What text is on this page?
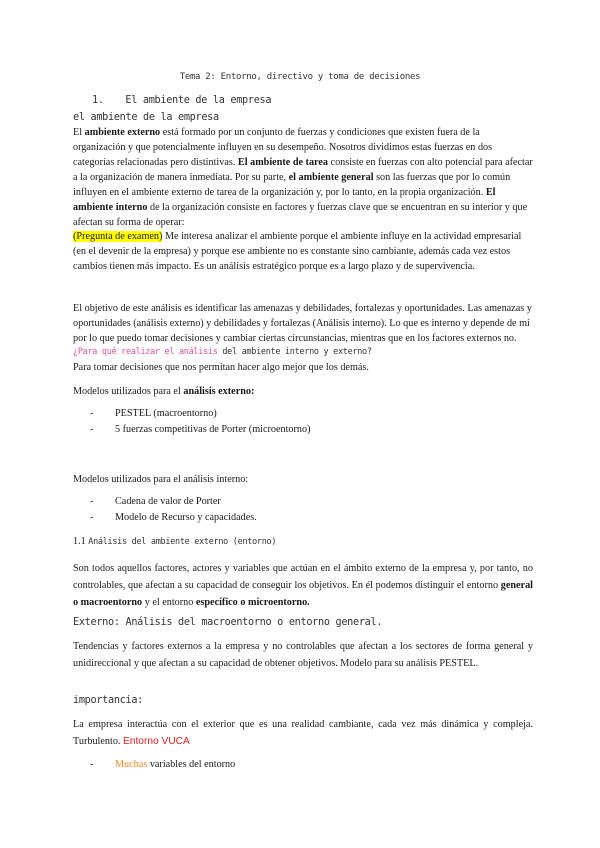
Tema 2: Entorno, directivo y toma de decisiones
1. El ambiente de la empresa
el ambiente de la empresa
El ambiente externo está formado por un conjunto de fuerzas y condiciones que existen fuera de la organización y que potencialmente influyen en su desempeño. Nosotros dividimos estas fuerzas en dos categorías relacionadas pero distintivas. El ambiente de tarea consiste en fuerzas con alto potencial para afectar a la organización de manera inmediata. Por su parte, el ambiente general son las fuerzas que por lo común influyen en el ambiente externo de tarea de la organización y, por lo tanto, en la propia organización. El ambiente interno de la organización consiste en factores y fuerzas clave que se encuentran en su interior y que afectan su forma de operar:
(Pregunta de examen) Me interesa analizar el ambiente porque el ambiente influye en la actividad empresarial (en el devenir de la empresa) y porque ese ambiente no es constante sino cambiante, además cada vez estos cambios tienen más impacto. Es un análisis estratégico porque es a largo plazo y de supervivencia.
El objetivo de este análisis es identificar las amenazas y debilidades, fortalezas y oportunidades. Las amenazas y oportunidades (análisis externo) y debilidades y fortalezas (Análisis interno). Lo que es interno y depende de mí por lo que puedo tomar decisiones y cambiar ciertas circunstancias, mientras que en los factores externos no.
¿Para qué realizar el análisis del ambiente interno y externo?
Para tomar decisiones que nos permitan hacer algo mejor que los demás.
Modelos utilizados para el análisis externo:
- PESTEL (macroentorno)
- 5 fuerzas competitivas de Porter (microentorno)
Modelos utilizados para el análisis interno:
- Cadena de valor de Porter
- Modelo de Recurso y capacidades.
1.1 Análisis del ambiente externo (entorno)
Son todos aquellos factores, actores y variables que actúan en el ámbito externo de la empresa y, por tanto, no controlables, que afectan a su capacidad de conseguir los objetivos. En él podemos distinguir el entorno general o macroentorno y el entorno específico o microentorno.
Externo: Análisis del macroentorno o entorno general.
Tendencias y factores externos a la empresa y no controlables que afectan a los sectores de forma general y unidireccional y que afectan a su capacidad de obtener objetivos. Modelo para su análisis PESTEL.
importancia:
La empresa interactúa con el exterior que es una realidad cambiante, cada vez más dinámica y compleja. Turbulento. Entorno VUCA
- Muchas variables del entorno
